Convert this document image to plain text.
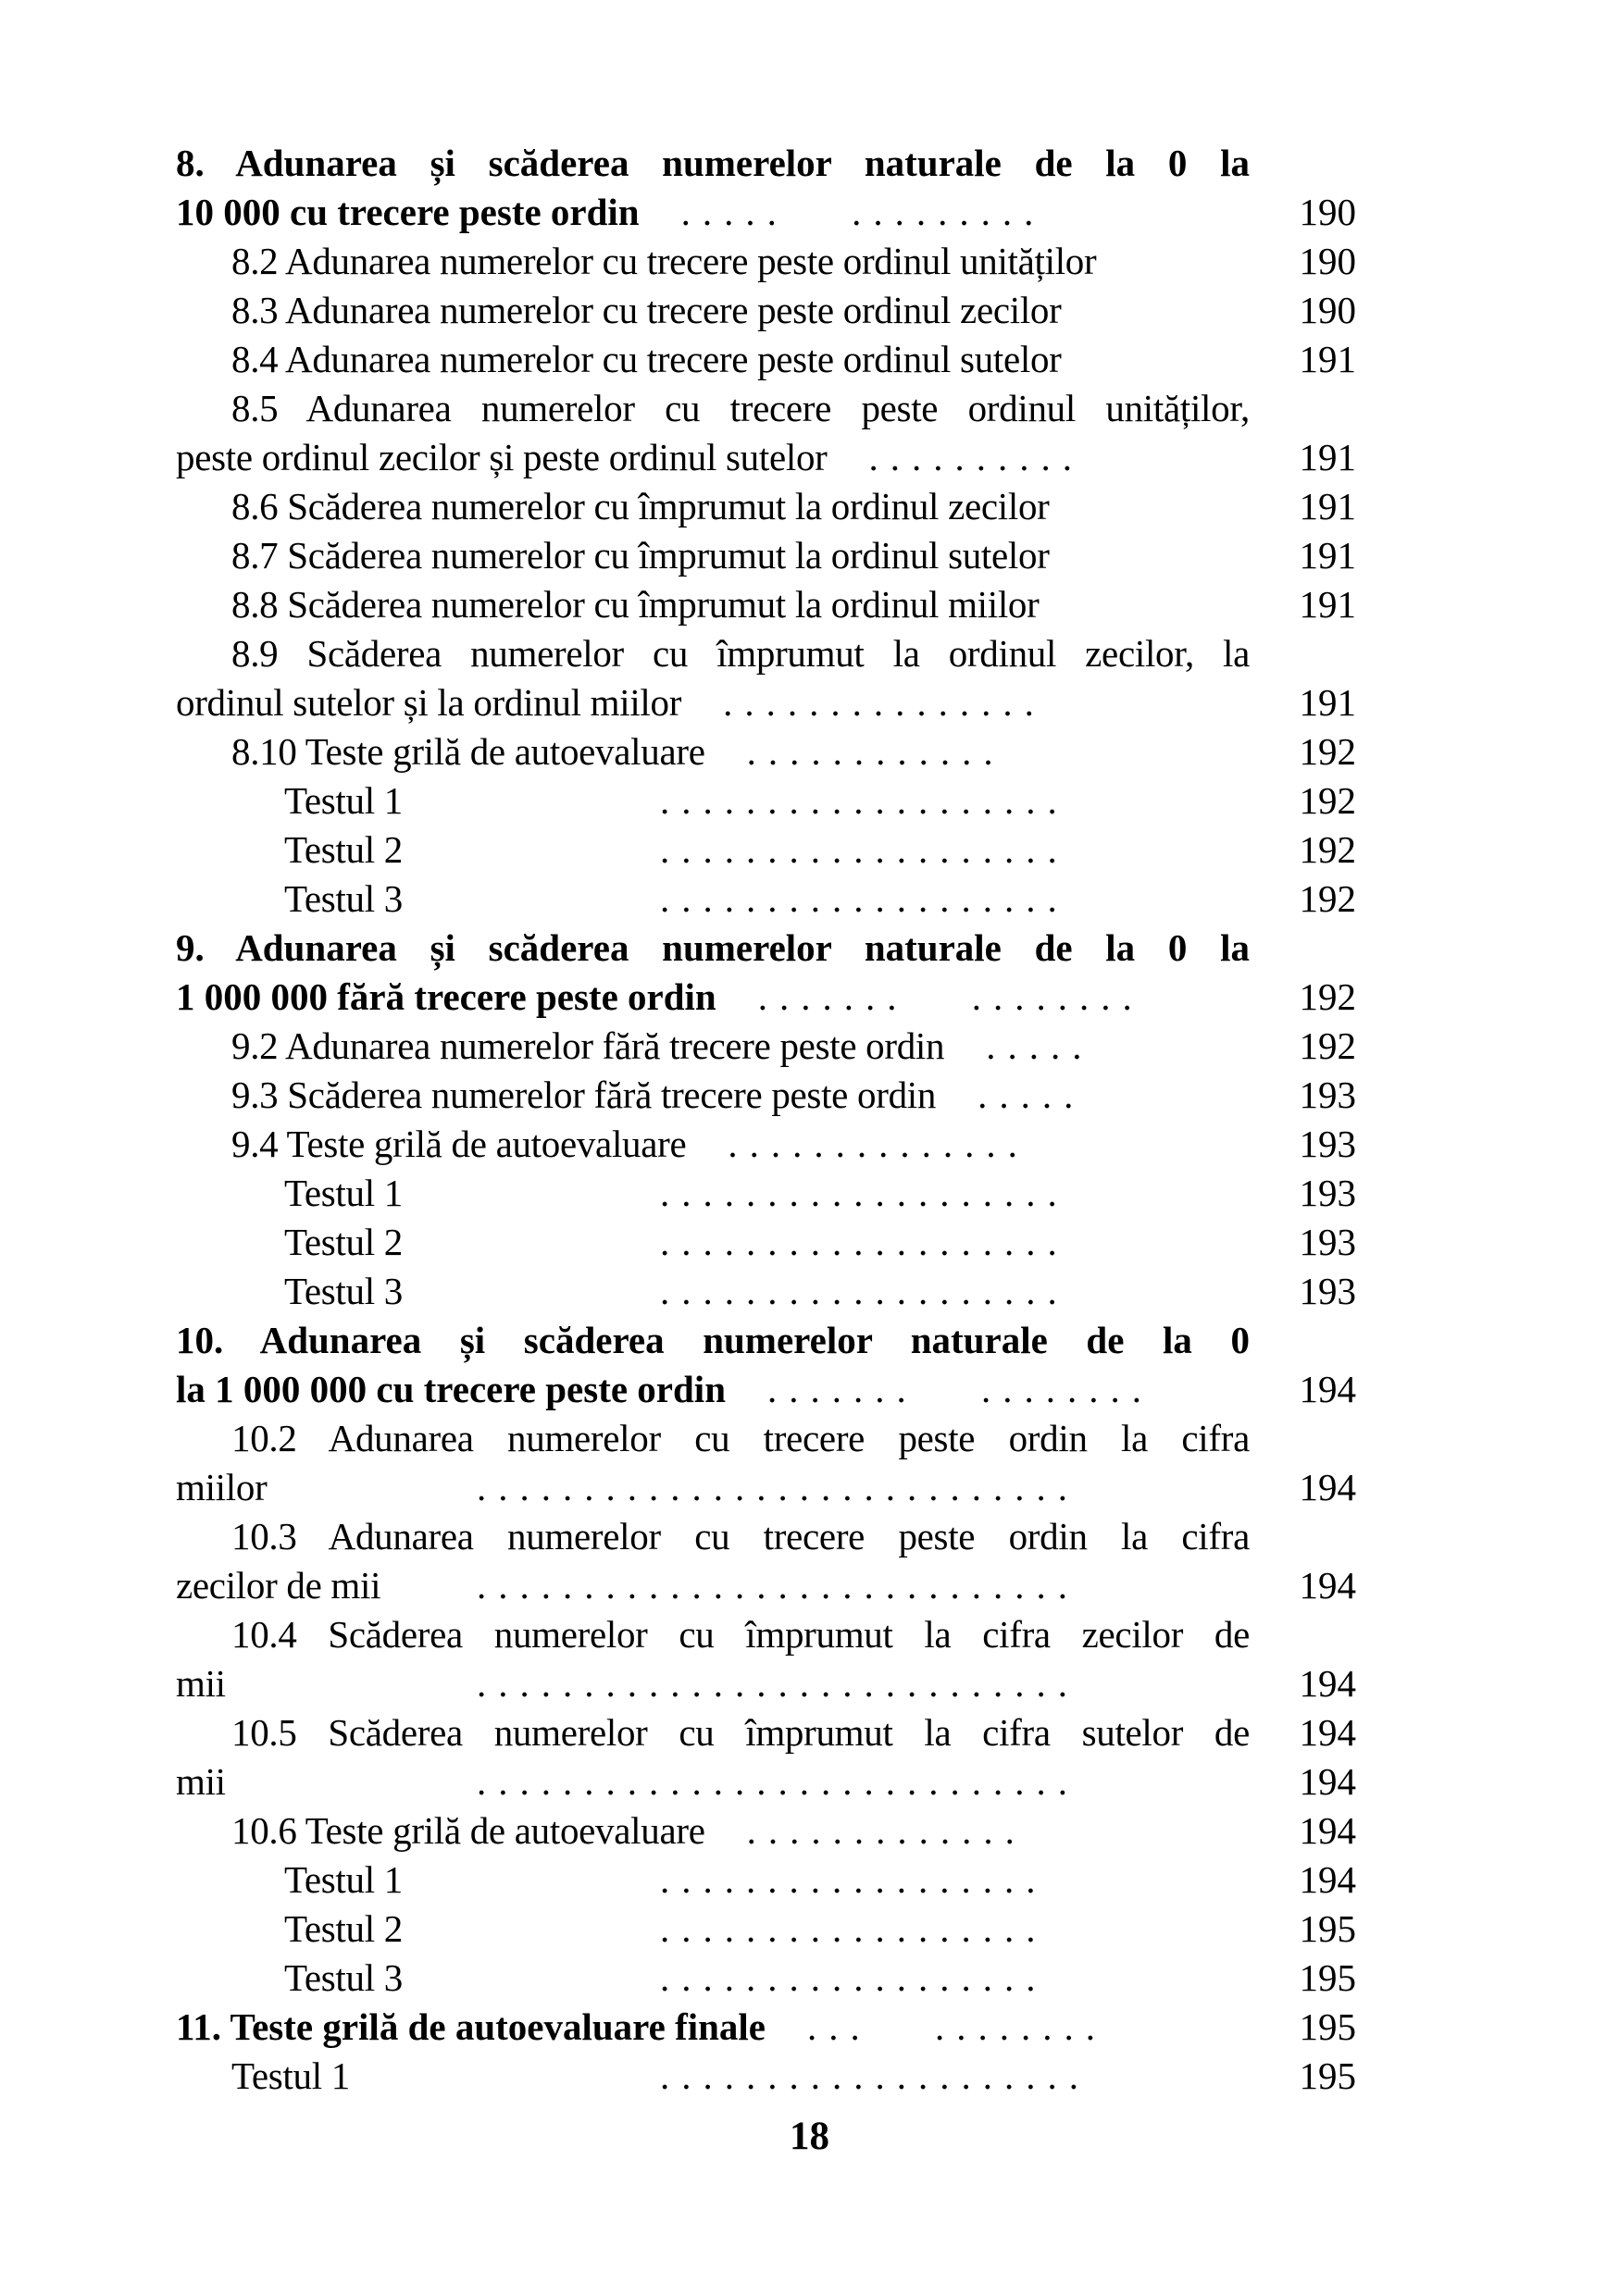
8. Adunarea și scăderea numerelor naturale de la 0 la
10 000 cu trecere peste ordin	..... .........	190
8.2 Adunarea numerelor cu trecere peste ordinul unităților	190
8.3 Adunarea numerelor cu trecere peste ordinul zecilor	190
8.4 Adunarea numerelor cu trecere peste ordinul sutelor	191
8.5 Adunarea numerelor cu trecere peste ordinul unităților,
peste ordinul zecilor și peste ordinul sutelor	..........	191
8.6 Scăderea numerelor cu împrumut la ordinul zecilor	191
8.7 Scăderea numerelor cu împrumut la ordinul sutelor	191
8.8 Scăderea numerelor cu împrumut la ordinul miilor	191
8.9 Scăderea numerelor cu împrumut la ordinul zecilor, la
ordinul sutelor și la ordinul miilor	...............	191
8.10 Teste grilă de autoevaluare	............	192
Testul 1	...................	192
Testul 2	...................	192
Testul 3	...................	192
9. Adunarea și scăderea numerelor naturale de la 0 la
1 000 000 fără trecere peste ordin	....... ........	192
9.2 Adunarea numerelor fără trecere peste ordin	.....	192
9.3 Scăderea numerelor fără trecere peste ordin	.....	193
9.4 Teste grilă de autoevaluare	..............	193
Testul 1	...................	193
Testul 2	...................	193
Testul 3	...................	193
10. Adunarea și scăderea numerelor naturale de la 0
la 1 000 000 cu trecere peste ordin	....... ........	194
10.2 Adunarea numerelor cu trecere peste ordin la cifra
miilor	............................	194
10.3 Adunarea numerelor cu trecere peste ordin la cifra
zecilor de mii	............................	194
10.4 Scăderea numerelor cu împrumut la cifra zecilor de
mii	............................	194
10.5 Scăderea numerelor cu împrumut la cifra sutelor de	194
mii	............................	194
10.6 Teste grilă de autoevaluare	.............	194
Testul 1	..................	194
Testul 2	..................	195
Testul 3	..................	195
11. Teste grilă de autoevaluare finale	... ........	195
Testul 1	....................	195
18
